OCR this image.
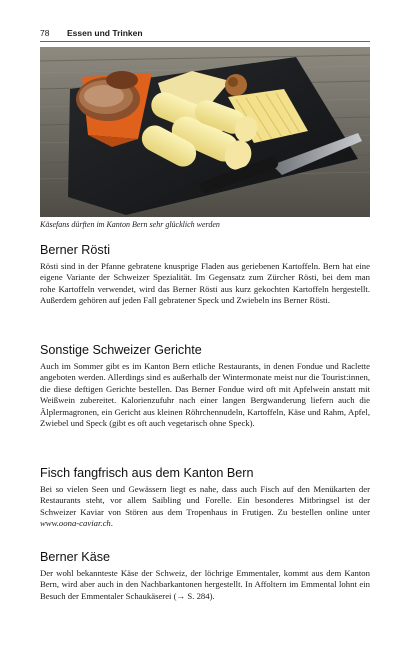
78 Essen und Trinken
Käsefans dürften im Kanton Bern sehr glücklich werden
Berner Rösti

Rösti sind in der Pfanne gebratene knusprige Fladen aus geriebenen Kartoffeln. Bern hat eine eigene Variante der Schweizer Spezialität. Im Gegensatz zum Zürcher Rösti, bei dem man rohe Kartoffeln verwendet, wird das Berner Rösti aus kurz gekochten Kartoffeln hergestellt. Außerdem gehören auf jeden Fall gebratener Speck und Zwiebeln ins Berner Rösti.

Sonstige Schweizer Gerichte

Auch im Sommer gibt es im Kanton Bern etliche Restaurants, in denen Fondue und Raclette angeboten werden. Allerdings sind es außerhalb der Wintermonate meist nur die Tourist:innen, die diese deftigen Gerichte bestellen. Das Berner Fondue wird oft mit Apfelwein anstatt mit Weißwein zubereitet. Kalorienzufuhr nach einer langen Bergwanderung liefern auch die Älplermagronen, ein Gericht aus kleinen Röhrchennudeln, Kartoffeln, Käse und Rahm, Apfel, Zwiebel und Speck (gibt es oft auch vegetarisch ohne Speck).

Fisch fangfrisch aus dem Kanton Bern

Bei so vielen Seen und Gewässern liegt es nahe, dass auch Fisch auf den Menükarten der Restaurants steht, vor allem Saibling und Forelle. Ein besonderes Mitbringsel ist der Schweizer Kaviar von Stören aus dem Tropenhaus in Frutigen. Zu bestellen online unter www.oona-caviar.ch.

Berner Käse

Der wohl bekannteste Käse der Schweiz, der löchrige Emmentaler, kommt aus dem Kanton Bern, wird aber auch in den Nachbarkantonen hergestellt. In Affoltern im Emmental lohnt ein Besuch der Emmentaler Schaukäserei (→ S. 284).
